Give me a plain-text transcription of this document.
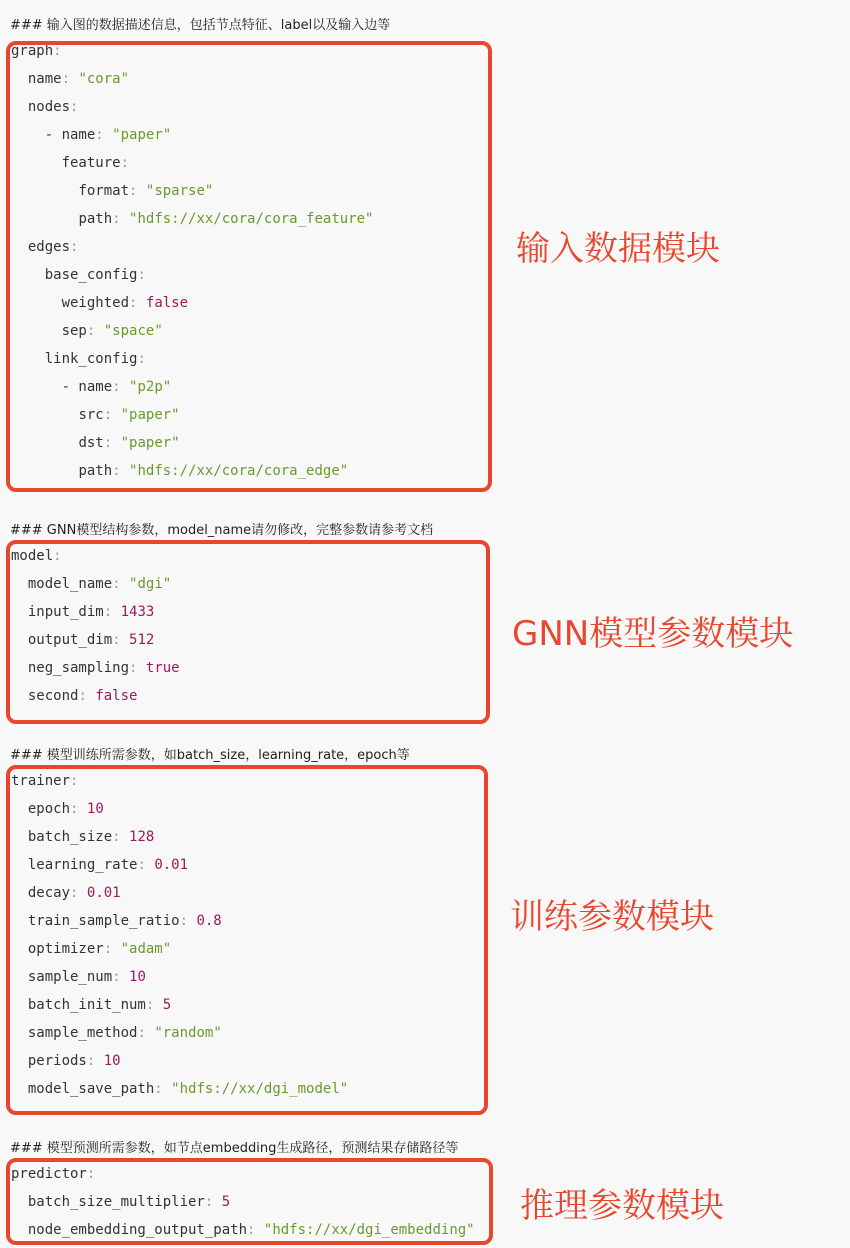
### 输入图的数据描述信息，包括节点特征、label以及输入边等
graph:
name: "cora"
nodes:
- name: "paper"
feature:
format: "sparse"
path: "hdfs://xx/cora/cora_feature"
edges:
base_config:
weighted: false
sep: "space"
link_config:
- name: "p2p"
src: "paper"
dst: "paper"
path: "hdfs://xx/cora/cora_edge"
输入数据模块
### GNN模型结构参数，model_name请勿修改，完整参数请参考文档
model:
model_name: "dgi"
input_dim: 1433
output_dim: 512
neg_sampling: true
second: false
GNN模型参数模块
### 模型训练所需参数，如batch_size，learning_rate，epoch等
trainer:
epoch: 10
batch_size: 128
learning_rate: 0.01
decay: 0.01
train_sample_ratio: 0.8
optimizer: "adam"
sample_num: 10
batch_init_num: 5
sample_method: "random"
periods: 10
model_save_path: "hdfs://xx/dgi_model"
训练参数模块
### 模型预测所需参数，如节点embedding生成路径，预测结果存储路径等
predictor:
batch_size_multiplier: 5
node_embedding_output_path: "hdfs://xx/dgi_embedding"
推理参数模块
